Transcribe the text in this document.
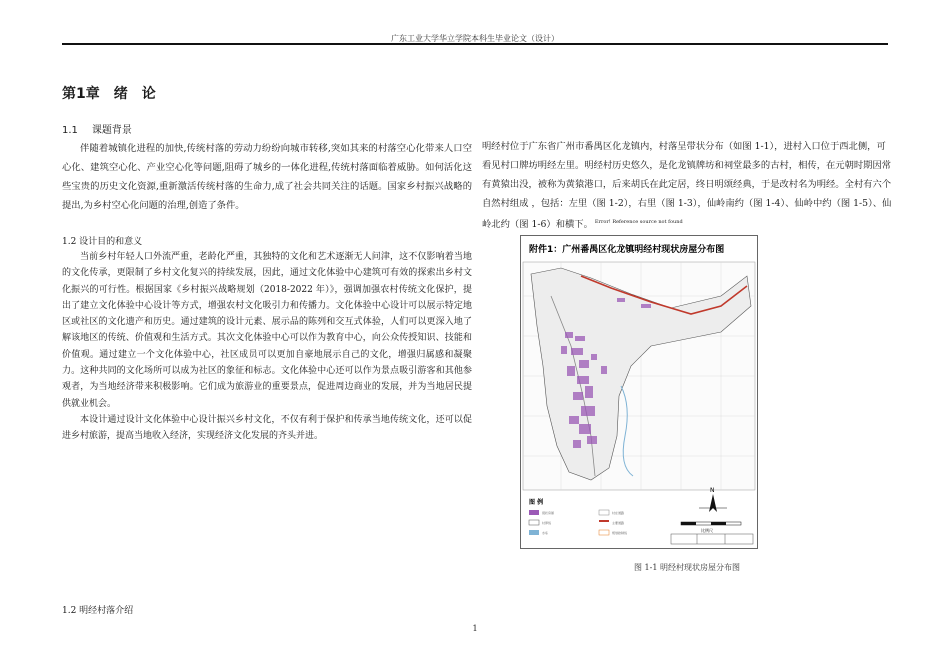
广东工业大学华立学院本科生毕业论文（设计）
第1章　绪　论
1.1 课题背景

伴随着城镇化进程的加快,传统村落的劳动力纷纷向城市转移,突如其来的村落空心化带来人口空心化、建筑空心化、产业空心化等问题,阻碍了城乡的一体化进程,传统村落面临着威胁。如何活化这些宝贵的历史文化资源,重新激活传统村落的生命力,成了社会共同关注的话题。国家乡村振兴战略的提出,为乡村空心化问题的治理,创造了条件。

1.2 设计目的和意义

当前乡村年轻人口外流严重，老龄化严重，其独特的文化和艺术逐渐无人问津，这不仅影响着当地的文化传承，更限制了乡村文化复兴的持续发展，因此，通过文化体验中心建筑可有效的探索出乡村文化振兴的可行性。根据国家《乡村振兴战略规划（2018-2022 年）》，强调加强农村传统文化保护，提出了建立文化体验中心设计等方式，增强农村文化吸引力和传播力。文化体验中心设计可以展示特定地区或社区的文化遗产和历史。通过建筑的设计元素、展示品的陈列和交互式体验，人们可以更深入地了解该地区的传统、价值观和生活方式。其次文化体验中心可以作为教育中心，向公众传授知识、技能和价值观。通过建立一个文化体验中心，社区成员可以更加自豪地展示自己的文化，增强归属感和凝聚力。这种共同的文化场所可以成为社区的象征和标志。文化体验中心还可以作为景点吸引游客和其他参观者，为当地经济带来积极影响。它们成为旅游业的重要景点，促进周边商业的发展，并为当地居民提供就业机会。

本设计通过设计文化体验中心设计振兴乡村文化，不仅有利于保护和传承当地传统文化，还可以促进乡村旅游，提高当地收入经济，实现经济文化发展的齐头并进。

1.2 明经村落介绍

明经村位于广东省广州市番禺区化龙镇内，村落呈带状分布（如图 1-1），进村入口位于西北侧，可看见村口牌坊明经左里。明经村历史悠久，是化龙镇牌坊和祠堂最多的古村，相传，在元朝时期因常有黄猿出没，被称为黄猿港口，后来胡氏在此定居，终日明颂经典，于是改村名为明经。全村有六个自然村组成 ，包括：左里（图 1-2），右里（图 1-3），仙岭南约（图 1-4）、仙岭中约（图 1-5）、仙岭北约（图 1-6）和横下。 $^{Error! Reference source not found}$

附件1：广州番禺区化龙镇明经村现状房屋分布图
图 例
现状房屋
村界线
水系
村庄道路
主要道路
规划控制线
N
比例尺
图 1-1 明经村现状房屋分布图
1
